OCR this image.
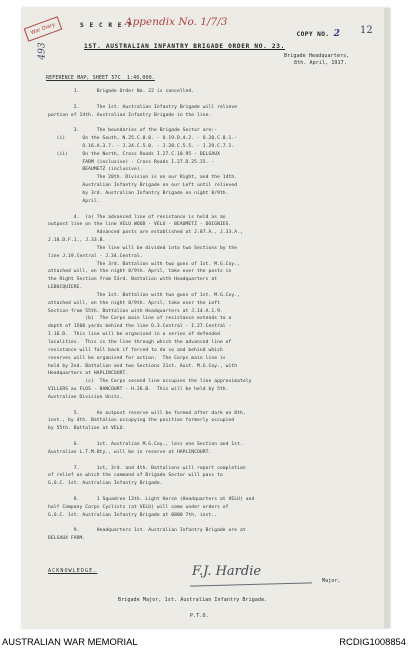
War Diary
493
S E C R E T.
Appendix No. 1/7/3

COPY NO. 2
12
1ST. AUSTRALIAN INFANTRY BRIGADE ORDER NO. 23.
Brigade Headquarters,
8th. April, 1917.
REFERENCE MAP, SHEET 57C  1:40,000.
1.      Brigade Order No. 22 is cancelled.
2.      The 1st. Australian Infantry Brigade will relieve
portion of 14th. Australian Infantry Brigade in the line.
3.      The boundaries of the Brigade Sector are:-
(i)      On the South, N.25.C.0.0. - O.19.D.4.2. - O.20.C.8.1.-
O.16.A.3.7. - J.34.C.5.0. - J.28.C.5.5. - J.29.C.7.1.
(ii)     On the North, Cross Roads I.27.C.10.95 - DELSAUX
FARM (inclusive) - Cross Roads I.27.D.25.15. -
BEAUMETZ (inclusive).
The 20th. Division is on our Right, and the 14th.
Australian Infantry Brigade on our Left until relieved
by 3rd. Australian Infantry Brigade on night 8/9th.
April.
4.  (a) The advanced line of resistance is held as an
outpost line on the line VELU WOOD - VELU - BEAUMETZ - DOIGNIES.
Advanced posts are established at J.87.A., J.33.A.,
J.18.D.F.1., J.33.B.
The line will be divided into two Sections by the
line J.19.Central - J.34.Central.
The 3rd. Battalion with two guns of 1st. M.G.Coy.,
attached will, on the night 8/9th. April, take over the posts in
the Right Section from 53rd. Battalion with Headquarters at
LEBUCQUIERE.
The 1st. Battalion with two guns of 1st. M.G.Coy.,
attached will, on the night 8/9th. April, take over the Left
Section from 55th. Battalion with Headquarters at J.14.A.1.9.
(b)  The Corps main line of resistance extends to a
depth of 1500 yards behind the line O.3.Central - I.27.Central -
I.16.D.  This line will be organised in a series of defended
localities.  This is the line through which the advanced line of
resistance will fall back if forced to do so and behind which
reserves will be organised for action.  The Corps main line is
held by 2nd. Battalion and two Sections 21st. Aust. M.G.Coy., with
Headquarters at HAPLINCOURT.
(c)  The Corps second line occupies the line approximately
VILLERS au FLOS - BANCOURT - H.26.B.  This will be held by 5th.
Australian Division Units.
5.      An outpost reserve will be formed after dark on 8th.
inst., by 4th. Battalion occupying the position formerly occupied
by 55th. Battalion at VELU.
6.      1st. Australian M.G.Coy., less one Section and 1st.
Australian L.T.M.Bty., will be in reserve at HAPLINCOURT.
7.      1st, 3rd. and 4th. Battalions will report completion
of relief on which the command of Brigade Sector will pass to
G.O.C. 1st. Australian Infantry Brigade.
8.      1 Squadron 13th. Light Horse (Headquarters at VELU) and
half Company Corps Cyclists (at VELU) will come under orders of
G.O.C. 1st. Australian Infantry Brigade at 0800 7th. inst..
9.      Headquarters 1st. Australian Infantry Brigade are at
DELSAUX FARM.
ACKNOWLEDGE.	F.J. Hardie
Major,
Brigade Major, 1st. Australian Infantry Brigade.
P.T.O.
AUSTRALIAN WAR MEMORIAL	RCDIG1008854
